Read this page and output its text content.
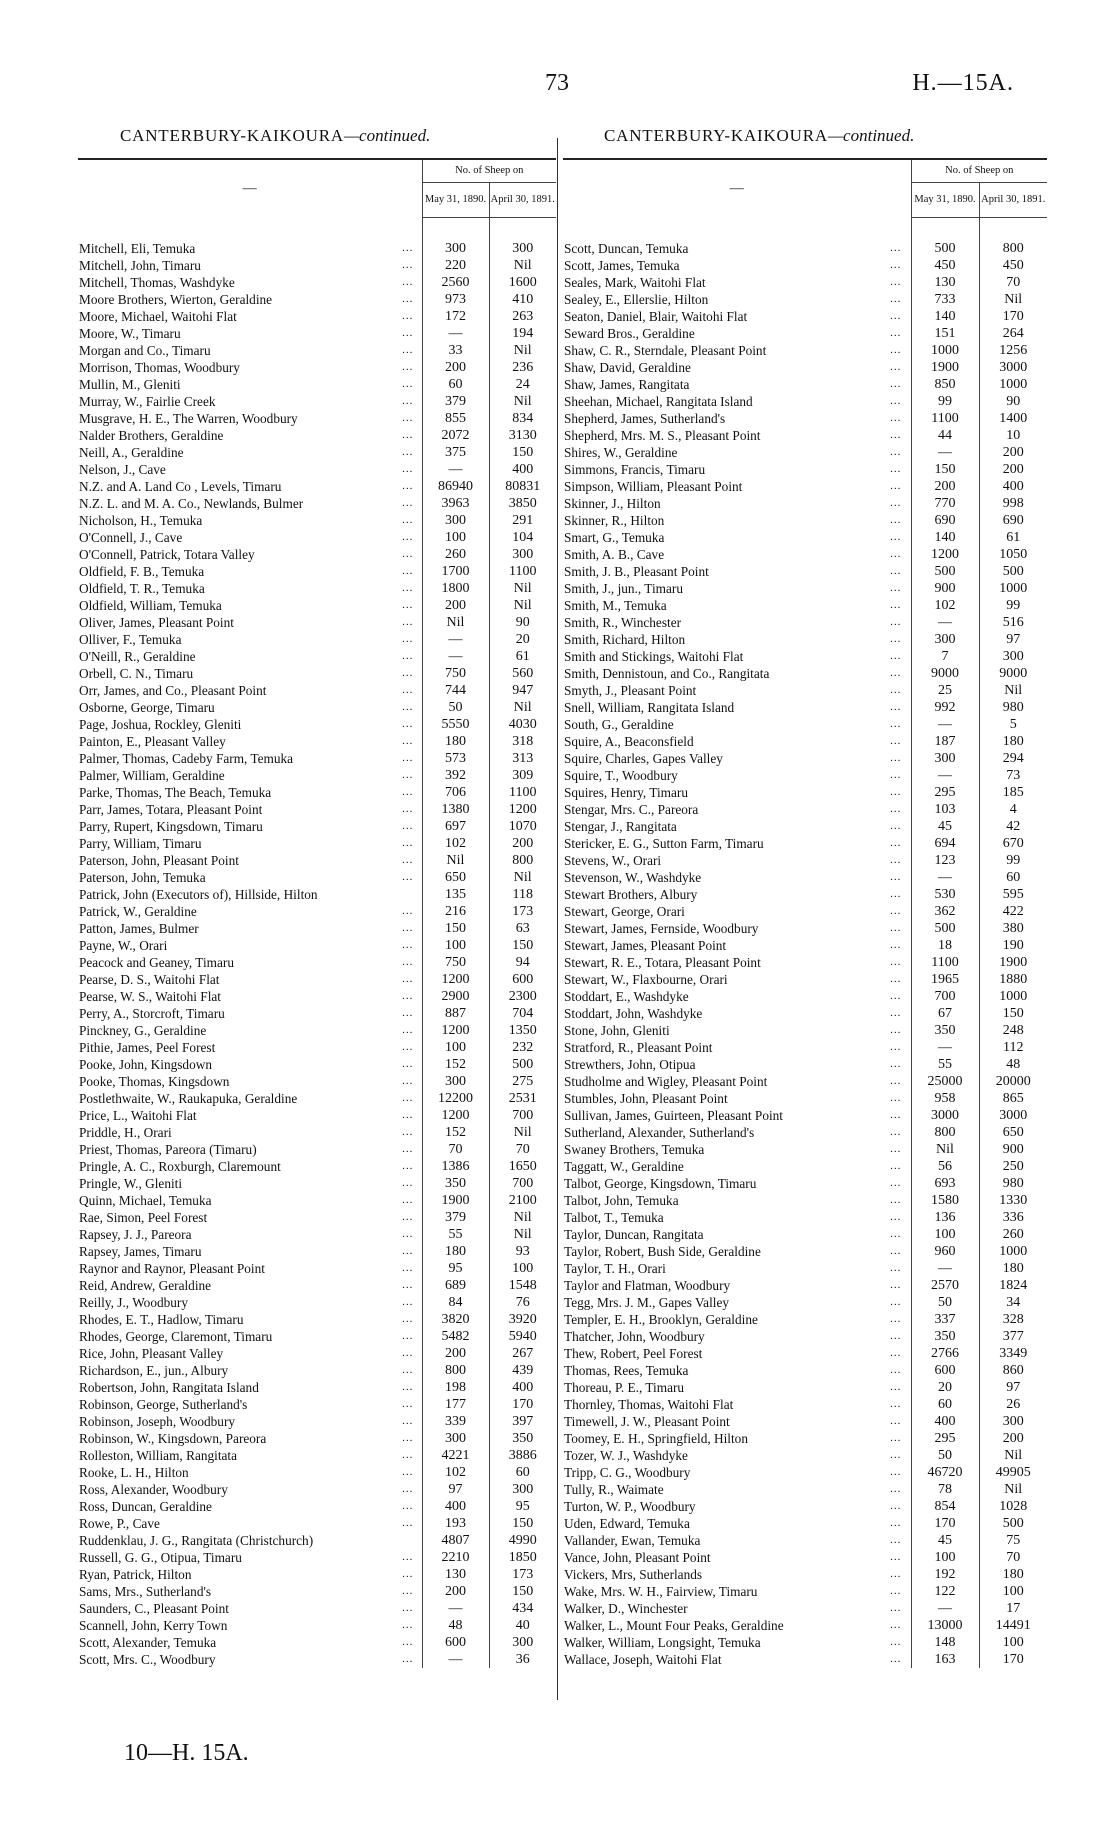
73	H.—15A.
CANTERBURY-KAIKOURA—continued.	CANTERBURY-KAIKOURA—continued.
—		No. of Sheep on	
		May 31, 1890.	April 30, 1891.
Mitchell, Eli, Temuka	...	300	300
Mitchell, John, Timaru	...	220	Nil
Mitchell, Thomas, Washdyke	...	2560	1600
Moore Brothers, Wierton, Geraldine	...	973	410
Moore, Michael, Waitohi Flat	...	172	263
Moore, W., Timaru	...	—	194
Morgan and Co., Timaru	...	33	Nil
Morrison, Thomas, Woodbury	...	200	236
Mullin, M., Gleniti	...	60	24
Murray, W., Fairlie Creek	...	379	Nil
Musgrave, H. E., The Warren, Woodbury	...	855	834
Nalder Brothers, Geraldine	...	2072	3130
Neill, A., Geraldine	...	375	150
Nelson, J., Cave	...	—	400
N.Z. and A. Land Co , Levels, Timaru	...	86940	80831
N.Z. L. and M. A. Co., Newlands, Bulmer	...	3963	3850
Nicholson, H., Temuka	...	300	291
O'Connell, J., Cave	...	100	104
O'Connell, Patrick, Totara Valley	...	260	300
Oldfield, F. B., Temuka	...	1700	1100
Oldfield, T. R., Temuka	...	1800	Nil
Oldfield, William, Temuka	...	200	Nil
Oliver, James, Pleasant Point	...	Nil	90
Olliver, F., Temuka	...	—	20
O'Neill, R., Geraldine	...	—	61
Orbell, C. N., Timaru	...	750	560
Orr, James, and Co., Pleasant Point	...	744	947
Osborne, George, Timaru	...	50	Nil
Page, Joshua, Rockley, Gleniti	...	5550	4030
Painton, E., Pleasant Valley	...	180	318
Palmer, Thomas, Cadeby Farm, Temuka	...	573	313
Palmer, William, Geraldine	...	392	309
Parke, Thomas, The Beach, Temuka	...	706	1100
Parr, James, Totara, Pleasant Point	...	1380	1200
Parry, Rupert, Kingsdown, Timaru	...	697	1070
Parry, William, Timaru	...	102	200
Paterson, John, Pleasant Point	...	Nil	800
Paterson, John, Temuka	...	650	Nil
Patrick, John (Executors of), Hillside, Hilton		135	118
Patrick, W., Geraldine	...	216	173
Patton, James, Bulmer	...	150	63
Payne, W., Orari	...	100	150
Peacock and Geaney, Timaru	...	750	94
Pearse, D. S., Waitohi Flat	...	1200	600
Pearse, W. S., Waitohi Flat	...	2900	2300
Perry, A., Storcroft, Timaru	...	887	704
Pinckney, G., Geraldine	...	1200	1350
Pithie, James, Peel Forest	...	100	232
Pooke, John, Kingsdown	...	152	500
Pooke, Thomas, Kingsdown	...	300	275
Postlethwaite, W., Raukapuka, Geraldine	...	12200	2531
Price, L., Waitohi Flat	...	1200	700
Priddle, H., Orari	...	152	Nil
Priest, Thomas, Pareora (Timaru)	...	70	70
Pringle, A. C., Roxburgh, Claremount	...	1386	1650
Pringle, W., Gleniti	...	350	700
Quinn, Michael, Temuka	...	1900	2100
Rae, Simon, Peel Forest	...	379	Nil
Rapsey, J. J., Pareora	...	55	Nil
Rapsey, James, Timaru	...	180	93
Raynor and Raynor, Pleasant Point	...	95	100
Reid, Andrew, Geraldine	...	689	1548
Reilly, J., Woodbury	...	84	76
Rhodes, E. T., Hadlow, Timaru	...	3820	3920
Rhodes, George, Claremont, Timaru	...	5482	5940
Rice, John, Pleasant Valley	...	200	267
Richardson, E., jun., Albury	...	800	439
Robertson, John, Rangitata Island	...	198	400
Robinson, George, Sutherland's	...	177	170
Robinson, Joseph, Woodbury	...	339	397
Robinson, W., Kingsdown, Pareora	...	300	350
Rolleston, William, Rangitata	...	4221	3886
Rooke, L. H., Hilton	...	102	60
Ross, Alexander, Woodbury	...	97	300
Ross, Duncan, Geraldine	...	400	95
Rowe, P., Cave	...	193	150
Ruddenklau, J. G., Rangitata (Christchurch)		4807	4990
Russell, G. G., Otipua, Timaru	...	2210	1850
Ryan, Patrick, Hilton	...	130	173
Sams, Mrs., Sutherland's	...	200	150
Saunders, C., Pleasant Point	...	—	434
Scannell, John, Kerry Town	...	48	40
Scott, Alexander, Temuka	...	600	300
Scott, Mrs. C., Woodbury	...	—	36
—		No. of Sheep on	
		May 31, 1890.	April 30, 1891.
Scott, Duncan, Temuka	...	500	800
Scott, James, Temuka	...	450	450
Seales, Mark, Waitohi Flat	...	130	70
Sealey, E., Ellerslie, Hilton	...	733	Nil
Seaton, Daniel, Blair, Waitohi Flat	...	140	170
Seward Bros., Geraldine	...	151	264
Shaw, C. R., Sterndale, Pleasant Point	...	1000	1256
Shaw, David, Geraldine	...	1900	3000
Shaw, James, Rangitata	...	850	1000
Sheehan, Michael, Rangitata Island	...	99	90
Shepherd, James, Sutherland's	...	1100	1400
Shepherd, Mrs. M. S., Pleasant Point	...	44	10
Shires, W., Geraldine	...	—	200
Simmons, Francis, Timaru	...	150	200
Simpson, William, Pleasant Point	...	200	400
Skinner, J., Hilton	...	770	998
Skinner, R., Hilton	...	690	690
Smart, G., Temuka	...	140	61
Smith, A. B., Cave	...	1200	1050
Smith, J. B., Pleasant Point	...	500	500
Smith, J., jun., Timaru	...	900	1000
Smith, M., Temuka	...	102	99
Smith, R., Winchester	...	—	516
Smith, Richard, Hilton	...	300	97
Smith and Stickings, Waitohi Flat	...	7	300
Smith, Dennistoun, and Co., Rangitata	...	9000	9000
Smyth, J., Pleasant Point	...	25	Nil
Snell, William, Rangitata Island	...	992	980
South, G., Geraldine	...	—	5
Squire, A., Beaconsfield	...	187	180
Squire, Charles, Gapes Valley	...	300	294
Squire, T., Woodbury	...	—	73
Squires, Henry, Timaru	...	295	185
Stengar, Mrs. C., Pareora	...	103	4
Stengar, J., Rangitata	...	45	42
Stericker, E. G., Sutton Farm, Timaru	...	694	670
Stevens, W., Orari	...	123	99
Stevenson, W., Washdyke	...	—	60
Stewart Brothers, Albury	...	530	595
Stewart, George, Orari	...	362	422
Stewart, James, Fernside, Woodbury	...	500	380
Stewart, James, Pleasant Point	...	18	190
Stewart, R. E., Totara, Pleasant Point	...	1100	1900
Stewart, W., Flaxbourne, Orari	...	1965	1880
Stoddart, E., Washdyke	...	700	1000
Stoddart, John, Washdyke	...	67	150
Stone, John, Gleniti	...	350	248
Stratford, R., Pleasant Point	...	—	112
Strewthers, John, Otipua	...	55	48
Studholme and Wigley, Pleasant Point	...	25000	20000
Stumbles, John, Pleasant Point	...	958	865
Sullivan, James, Guirteen, Pleasant Point	...	3000	3000
Sutherland, Alexander, Sutherland's	...	800	650
Swaney Brothers, Temuka	...	Nil	900
Taggatt, W., Geraldine	...	56	250
Talbot, George, Kingsdown, Timaru	...	693	980
Talbot, John, Temuka	...	1580	1330
Talbot, T., Temuka	...	136	336
Taylor, Duncan, Rangitata	...	100	260
Taylor, Robert, Bush Side, Geraldine	...	960	1000
Taylor, T. H., Orari	...	—	180
Taylor and Flatman, Woodbury	...	2570	1824
Tegg, Mrs. J. M., Gapes Valley	...	50	34
Templer, E. H., Brooklyn, Geraldine	...	337	328
Thatcher, John, Woodbury	...	350	377
Thew, Robert, Peel Forest	...	2766	3349
Thomas, Rees, Temuka	...	600	860
Thoreau, P. E., Timaru	...	20	97
Thornley, Thomas, Waitohi Flat	...	60	26
Timewell, J. W., Pleasant Point	...	400	300
Toomey, E. H., Springfield, Hilton	...	295	200
Tozer, W. J., Washdyke	...	50	Nil
Tripp, C. G., Woodbury	...	46720	49905
Tully, R., Waimate	...	78	Nil
Turton, W. P., Woodbury	...	854	1028
Uden, Edward, Temuka	...	170	500
Vallander, Ewan, Temuka	...	45	75
Vance, John, Pleasant Point	...	100	70
Vickers, Mrs, Sutherlands	...	192	180
Wake, Mrs. W. H., Fairview, Timaru	...	122	100
Walker, D., Winchester	...	—	17
Walker, L., Mount Four Peaks, Geraldine	...	13000	14491
Walker, William, Longsight, Temuka	...	148	100
Wallace, Joseph, Waitohi Flat	...	163	170
10—H. 15A.
